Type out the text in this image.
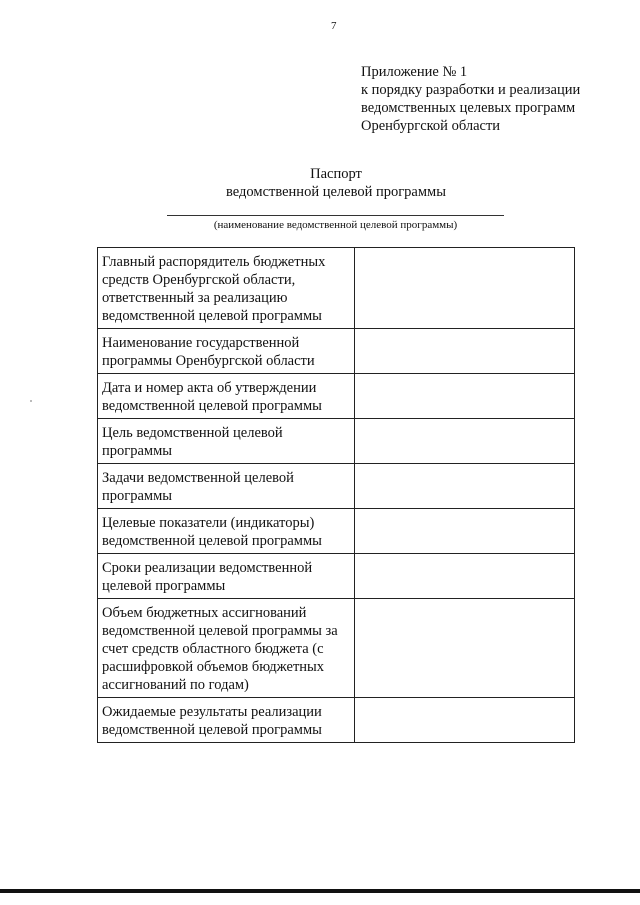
7
Приложение № 1
к порядку разработки и реализации
ведомственных целевых программ
Оренбургской области
Паспорт
ведомственной целевой программы
(наименование ведомственной целевой программы)
Главный распорядитель бюджетных средств Оренбургской области, ответственный за реализацию ведомственной целевой программы	
Наименование государственной программы Оренбургской области	
Дата и номер акта об утверждении ведомственной целевой программы	
Цель ведомственной целевой программы	
Задачи ведомственной целевой программы	
Целевые показатели (индикаторы) ведомственной целевой программы	
Сроки реализации ведомственной целевой программы	
Объем бюджетных ассигнований ведомственной целевой программы за счет средств областного бюджета (с расшифровкой объемов бюджетных ассигнований по годам)	
Ожидаемые результаты реализации ведомственной целевой программы	
